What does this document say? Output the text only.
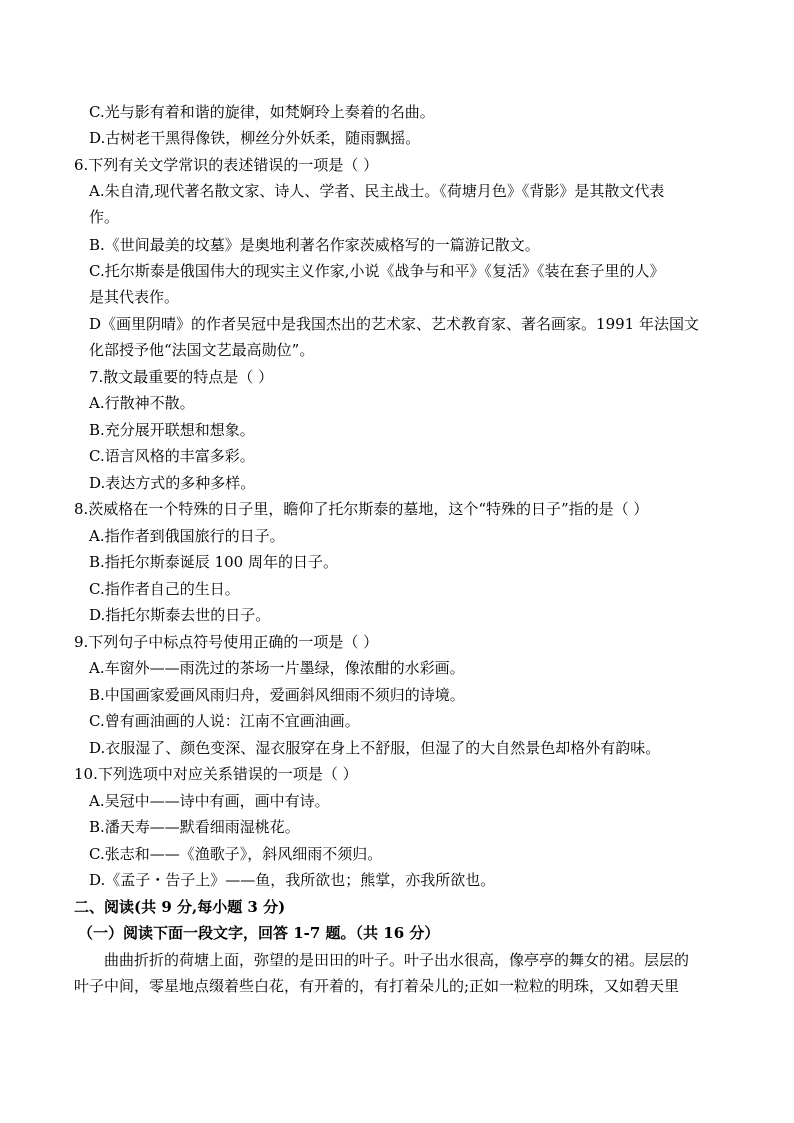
C.光与影有着和谐的旋律，如梵婀玲上奏着的名曲。
D.古树老干黑得像铁，柳丝分外妖柔，随雨飘摇。
6.下列有关文学常识的表述错误的一项是（ ）
A.朱自清,现代著名散文家、诗人、学者、民主战士。《荷塘月色》《背影》是其散文代表
作。
B.《世间最美的坟墓》是奥地利著名作家茨威格写的一篇游记散文。
C.托尔斯泰是俄国伟大的现实主义作家,小说《战争与和平》《复活》《装在套子里的人》
是其代表作。
D《画里阴晴》的作者吴冠中是我国杰出的艺术家、艺术教育家、著名画家。1991 年法国文
化部授予他“法国文艺最高勋位”。
7.散文最重要的特点是（ ）
A.行散神不散。
B.充分展开联想和想象。
C.语言风格的丰富多彩。
D.表达方式的多种多样。
8.茨威格在一个特殊的日子里，瞻仰了托尔斯泰的墓地，这个“特殊的日子”指的是（ ）
A.指作者到俄国旅行的日子。
B.指托尔斯泰诞辰 100 周年的日子。
C.指作者自己的生日。
D.指托尔斯泰去世的日子。
9.下列句子中标点符号使用正确的一项是（ ）
A.车窗外——雨洗过的茶场一片墨绿，像浓酣的水彩画。
B.中国画家爱画风雨归舟，爱画斜风细雨不须归的诗境。
C.曾有画油画的人说：江南不宜画油画。
D.衣服湿了、颜色变深、湿衣服穿在身上不舒服，但湿了的大自然景色却格外有韵味。
10.下列选项中对应关系错误的一项是（ ）
A.吴冠中——诗中有画，画中有诗。
B.潘天寿——默看细雨湿桃花。
C.张志和——《渔歌子》，斜风细雨不须归。
D.《孟子・告子上》——鱼，我所欲也；熊掌，亦我所欲也。
二、阅读(共 9 分,每小题 3 分)
（一）阅读下面一段文字，回答 1-7 题。（共 16 分）
曲曲折折的荷塘上面，弥望的是田田的叶子。叶子出水很高，像亭亭的舞女的裙。层层的
叶子中间，零星地点缀着些白花，有开着的，有打着朵儿的;正如一粒粒的明珠，又如碧天里
